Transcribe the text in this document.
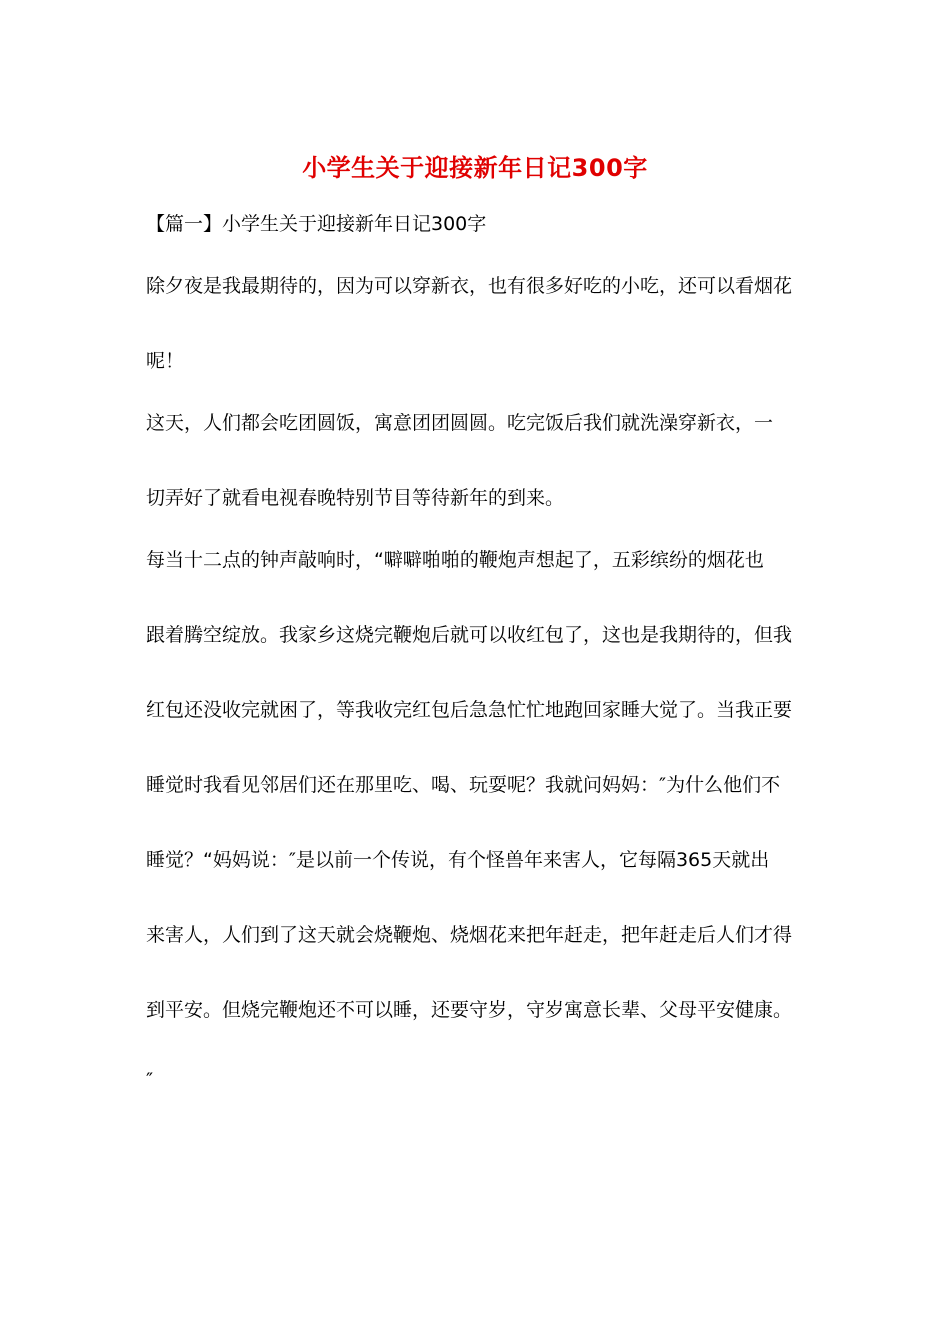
小学生关于迎接新年日记300字
【篇一】小学生关于迎接新年日记300字
除夕夜是我最期待的，因为可以穿新衣，也有很多好吃的小吃，还可以看烟花
呢！
这天，人们都会吃团圆饭，寓意团团圆圆。吃完饭后我们就洗澡穿新衣，一
切弄好了就看电视春晚特别节目等待新年的到来。
每当十二点的钟声敲响时，“噼噼啪啪的鞭炮声想起了，五彩缤纷的烟花也
跟着腾空绽放。我家乡这烧完鞭炮后就可以收红包了，这也是我期待的，但我
红包还没收完就困了，等我收完红包后急急忙忙地跑回家睡大觉了。当我正要
睡觉时我看见邻居们还在那里吃、喝、玩耍呢？我就问妈妈：″为什么他们不
睡觉？“妈妈说：″是以前一个传说，有个怪兽年来害人，它每隔365天就出
来害人，人们到了这天就会烧鞭炮、烧烟花来把年赶走，把年赶走后人们才得
到平安。但烧完鞭炮还不可以睡，还要守岁，守岁寓意长辈、父母平安健康。
″
